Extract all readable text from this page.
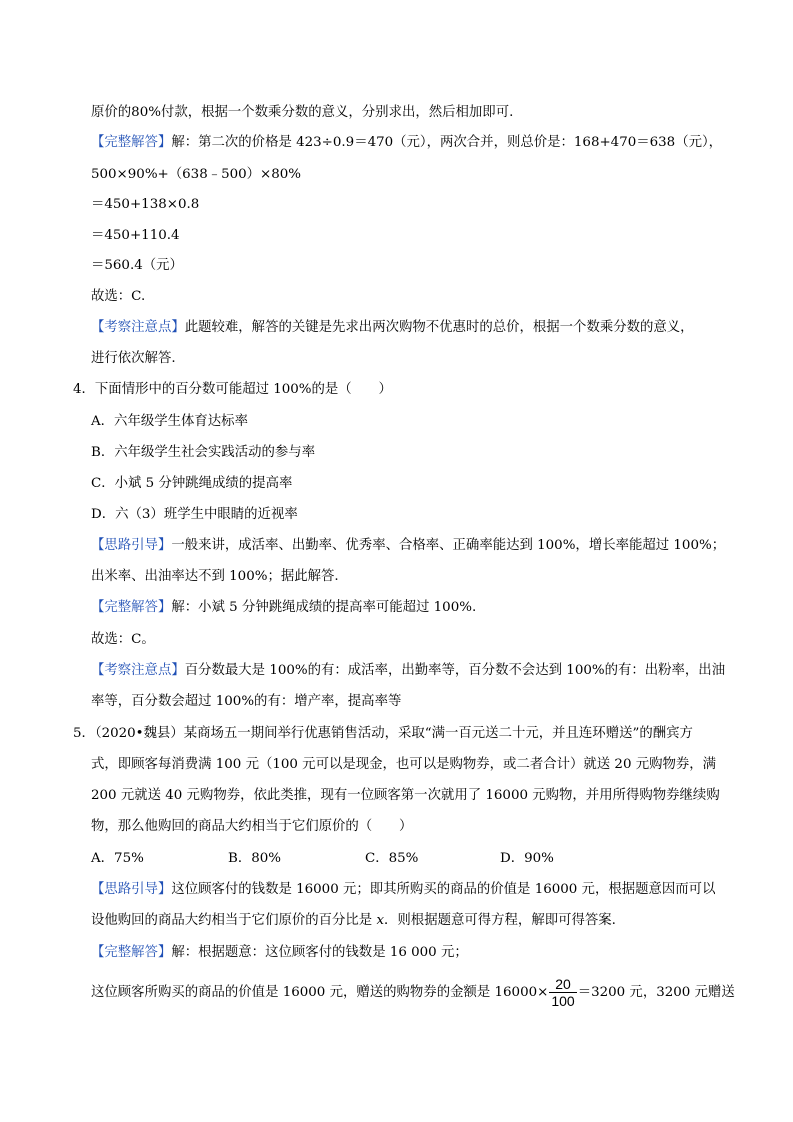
原价的80%付款，根据一个数乘分数的意义，分别求出，然后相加即可.
【完整解答】解：第二次的价格是 423÷0.9＝470（元），两次合并，则总价是：168+470＝638（元），
500×90%+（638﹣500）×80%
＝450+138×0.8
＝450+110.4
＝560.4（元）
故选：C.
【考察注意点】此题较难，解答的关键是先求出两次购物不优惠时的总价，根据一个数乘分数的意义，
进行依次解答.
4．下面情形中的百分数可能超过 100%的是（　　）
A．六年级学生体育达标率
B．六年级学生社会实践活动的参与率
C．小斌 5 分钟跳绳成绩的提高率
D．六（3）班学生中眼睛的近视率
【思路引导】一般来讲，成活率、出勤率、优秀率、合格率、正确率能达到 100%，增长率能超过 100%；
出米率、出油率达不到 100%；据此解答.
【完整解答】解：小斌 5 分钟跳绳成绩的提高率可能超过 100%.
故选：C。
【考察注意点】百分数最大是 100%的有：成活率，出勤率等，百分数不会达到 100%的有：出粉率，出油
率等，百分数会超过 100%的有：增产率，提高率等
5．（2020•魏县）某商场五一期间举行优惠销售活动，采取“满一百元送二十元，并且连环赠送”的酬宾方
式，即顾客每消费满 100 元（100 元可以是现金，也可以是购物券，或二者合计）就送 20 元购物券，满
200 元就送 40 元购物券，依此类推，现有一位顾客第一次就用了 16000 元购物，并用所得购物券继续购
物，那么他购回的商品大约相当于它们原价的（　　）
A．75%	B．80%	C．85%	D．90%
【思路引导】这位顾客付的钱数是 16000 元；即其所购买的商品的价值是 16000 元，根据题意因而可以
设他购回的商品大约相当于它们原价的百分比是 x．则根据题意可得方程，解即可得答案.
【完整解答】解：根据题意：这位顾客付的钱数是 16 000 元；
这位顾客所购买的商品的价值是 16000 元，赠送的购物券的金额是 $16000\times \frac{20}{100} =3200$ 元，3200 元赠送
